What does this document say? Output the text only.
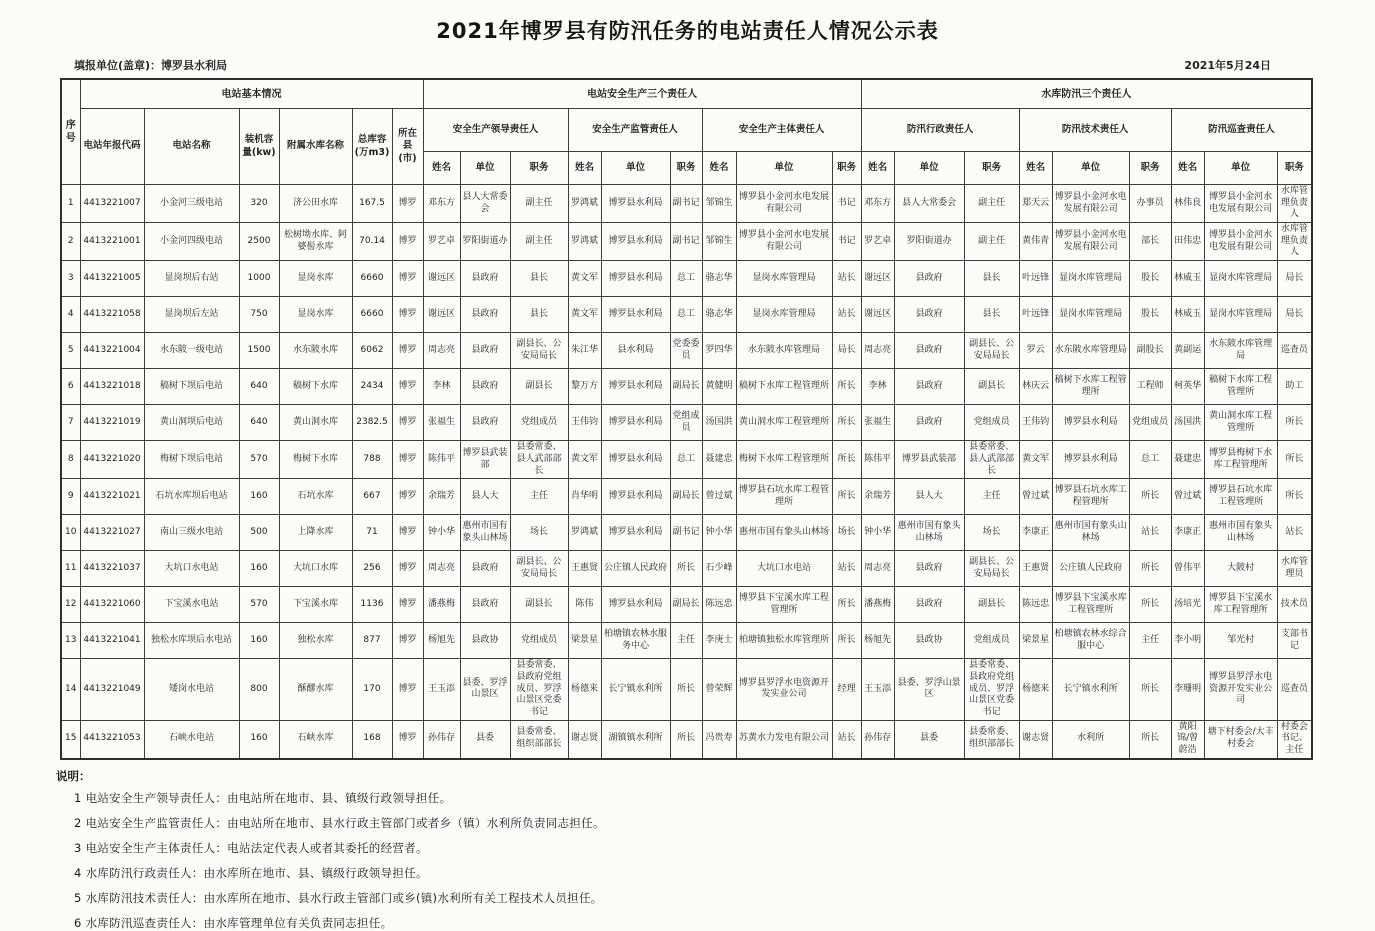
2021年博罗县有防汛任务的电站责任人情况公示表
填报单位(盖章)：博罗县水利局	2021年5月24日
序号	电站基本情况						电站安全生产三个责任人									水库防汛三个责任人								
	电站年报代码	电站名称	装机容量(kw)	附属水库名称	总库容(万m3)	所在县(市)	安全生产领导责任人			安全生产监管责任人			安全生产主体责任人			防汛行政责任人			防汛技术责任人			防汛巡查责任人		
							姓名	单位	职务	姓名	单位	职务	姓名	单位	职务	姓名	单位	职务	姓名	单位	职务	姓名	单位	职务
1	4413221007	小金河三级电站	320	济公田水库	167.5	博罗	邓东方	县人大常委会	副主任	罗鸿斌	博罗县水利局	副书记	邹锦生	博罗县小金河水电发展有限公司	书记	邓东方	县人大常委会	副主任	郑天云	博罗县小金河水电发展有限公司	办事员	林伟良	博罗县小金河水电发展有限公司	水库管理负责人
2	4413221001	小金河四级电站	2500	松树坳水库、阿婆髻水库	70.14	博罗	罗艺卓	罗阳街道办	副主任	罗鸿斌	博罗县水利局	副书记	邹锦生	博罗县小金河水电发展有限公司	书记	罗艺卓	罗阳街道办	副主任	黄伟青	博罗县小金河水电发展有限公司	部长	田伟忠	博罗县小金河水电发展有限公司	水库管理负责人
3	4413221005	显岗坝后右站	1000	显岗水库	6660	博罗	谢远区	县政府	县长	黄文军	博罗县水利局	总工	骆志华	显岗水库管理局	站长	谢远区	县政府	县长	叶远锋	显岗水库管理局	股长	林威玉	显岗水库管理局	局长
4	4413221058	显岗坝后左站	750	显岗水库	6660	博罗	谢远区	县政府	县长	黄文军	博罗县水利局	总工	骆志华	显岗水库管理局	站长	谢远区	县政府	县长	叶远锋	显岗水库管理局	股长	林威玉	显岗水库管理局	局长
5	4413221004	水东陂一级电站	1500	水东陂水库	6062	博罗	周志亮	县政府	副县长、公安局局长	朱江华	县水利局	党委委员	罗四华	水东陂水库管理局	局长	周志亮	县政府	副县长、公安局局长	罗云	水东陂水库管理局	副股长	黄副运	水东陂水库管理局	巡查员
6	4413221018	稿树下坝后电站	640	稿树下水库	2434	博罗	李林	县政府	副县长	黎万方	博罗县水利局	副局长	黄健明	稿树下水库工程管理所	所长	李林	县政府	副县长	林庆云	稿树下水库工程管理所	工程师	柯英华	稿树下水库工程管理所	助工
7	4413221019	黄山洞坝后电站	640	黄山洞水库	2382.5	博罗	张福生	县政府	党组成员	王伟钧	博罗县水利局	党组成员	汤国洪	黄山洞水库工程管理所	所长	张福生	县政府	党组成员	王伟钧	博罗县水利局	党组成员	汤国洪	黄山洞水库工程管理所	所长
8	4413221020	梅树下坝后电站	570	梅树下水库	788	博罗	陈伟平	博罗县武装部	县委常委、县人武部部长	黄文军	博罗县水利局	总工	聂建忠	梅树下水库工程管理所	所长	陈伟平	博罗县武装部	县委常委、县人武部部长	黄文军	博罗县水利局	总工	聂建忠	博罗县梅树下水库工程管理所	所长
9	4413221021	石坑水库坝后电站	160	石坑水库	667	博罗	余瑞芳	县人大	主任	肖华明	博罗县水利局	副局长	曾过斌	博罗县石坑水库工程管理所	所长	余瑞芳	县人大	主任	曾过斌	博罗县石坑水库工程管理所	所长	曾过斌	博罗县石坑水库工程管理所	所长
10	4413221027	南山三级水电站	500	上降水库	71	博罗	钟小华	惠州市国有象头山林场	场长	罗鸿斌	博罗县水利局	副书记	钟小华	惠州市国有象头山林场	场长	钟小华	惠州市国有象头山林场	场长	李康正	惠州市国有象头山林场	站长	李康正	惠州市国有象头山林场	站长
11	4413221037	大坑口水电站	160	大坑口水库	256	博罗	周志亮	县政府	副县长、公安局局长	王惠贤	公庄镇人民政府	所长	石少峰	大坑口水电站	站长	周志亮	县政府	副县长、公安局局长	王惠贤	公庄镇人民政府	所长	曾伟平	大陂村	水库管理员
12	4413221060	下宝溪水电站	570	下宝溪水库	1136	博罗	潘燕梅	县政府	副县长	陈伟	博罗县水利局	副局长	陈远忠	博罗县下宝溪水库工程管理所	所长	潘燕梅	县政府	副县长	陈远忠	博罗县下宝溪水库工程管理所	所长	汤培光	博罗县下宝溪水库工程管理所	技术员
13	4413221041	独松水库坝后水电站	160	独松水库	877	博罗	杨旭先	县政协	党组成员	梁景星	柏塘镇农林水服务中心	主任	李庚士	柏塘镇独松水库管理所	所长	杨旭先	县政协	党组成员	梁景星	柏塘镇农林水综合服中心	主任	李小明	邹光村	支部书记
14	4413221049	矮岗水电站	800	酥醪水库	170	博罗	王玉添	县委、罗浮山景区	县委常委、县政府党组成员、罗浮山景区党委书记	杨德来	长宁镇水利所	所长	曾荣辉	博罗县罗浮水电资源开发实业公司	经理	王玉添	县委、罗浮山景区	县委常委、县政府党组成员、罗浮山景区党委书记	杨德来	长宁镇水利所	所长	李珊明	博罗县罗浮水电资源开发实业公司	巡查员
15	4413221053	石峡水电站	160	石峡水库	168	博罗	孙伟存	县委	县委常委、组织部部长	谢志贤	湖镇镇水利所	所长	冯贵寿	苏黄水力发电有限公司	站长	孙伟存	县委	县委常委、组织部部长	谢志贤	水利所	所长	黄阳锦/曾蔚浩	塘下村委会/大丰村委会	村委会书记、主任
说明：
1 电站安全生产领导责任人：由电站所在地市、县、镇级行政领导担任。
2 电站安全生产监管责任人：由电站所在地市、县水行政主管部门或者乡（镇）水利所负责同志担任。
3 电站安全生产主体责任人：电站法定代表人或者其委托的经营者。
4 水库防汛行政责任人：由水库所在地市、县、镇级行政领导担任。
5 水库防汛技术责任人：由水库所在地市、县水行政主管部门或乡(镇)水利所有关工程技术人员担任。
6 水库防汛巡查责任人：由水库管理单位有关负责同志担任。
